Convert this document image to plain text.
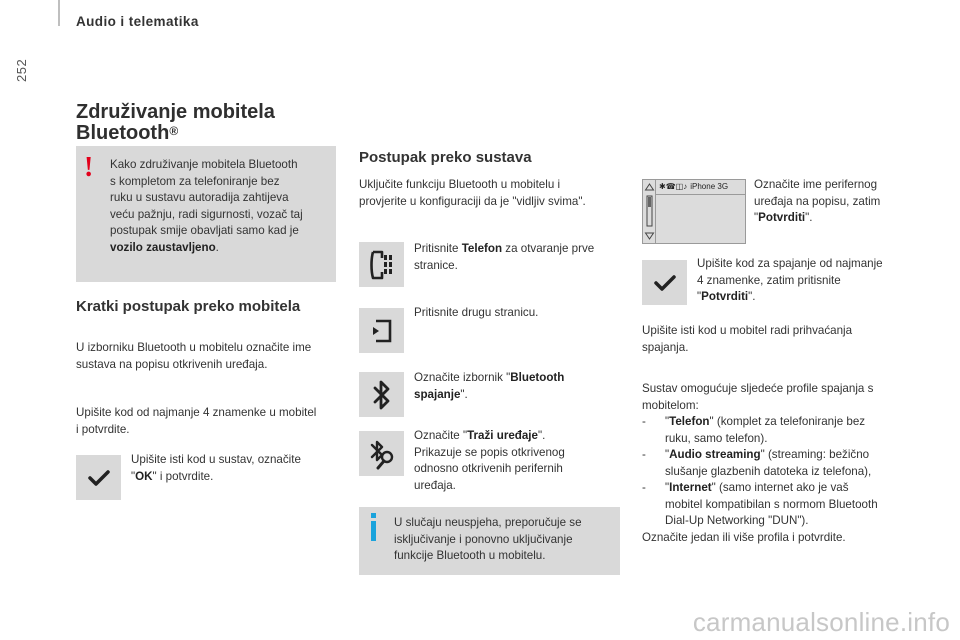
252
Audio i telematika
Združivanje mobitela Bluetooth®
!	Kako združivanje mobitela Bluetooth

s kompletom za telefoniranje bez

ruku u sustavu autoradija zahtijeva

veću pažnju, radi sigurnosti, vozač taj

postupak smije obavljati samo kad je

vozilo zaustavljeno.

Kratki postupak preko mobitela

U izborniku Bluetooth u mobitelu označite ime

sustava na popisu otkrivenih uređaja.

Upišite kod od najmanje 4 znamenke u mobitel

i potvrdite.

Upišite isti kod u sustav, označite

"OK" i potvrdite.

Postupak preko sustava

Uključite funkciju Bluetooth u mobitelu i

provjerite u konfiguraciji da je "vidljiv svima".

Pritisnite Telefon za otvaranje prve

stranice.

Pritisnite drugu stranicu.

Označite izbornik "Bluetooth

spajanje".

Označite "Traži uređaje".

Prikazuje se popis otkrivenog

odnosno otkrivenih perifernih

uređaja.

U slučaju neuspjeha, preporučuje se

isključivanje i ponovno uključivanje

funkcije Bluetooth u mobitelu.

✱☎◫♪ iPhone 3G Označite ime perifernog

uređaja na popisu, zatim

"Potvrditi".

Upišite kod za spajanje od najmanje

4 znamenke, zatim pritisnite

"Potvrditi".

Upišite isti kod u mobitel radi prihvaćanja

spajanja.

Sustav omogućuje sljedeće profile spajanja s

mobitelom:

-	"Telefon" (komplet za telefoniranje bez

ruku, samo telefon).

-	"Audio streaming" (streaming: bežično

slušanje glazbenih datoteka iz telefona),

-	"Internet" (samo internet ako je vaš

mobitel kompatibilan s normom Bluetooth

Dial-Up Networking "DUN").

Označite jedan ili više profila i potvrdite.

carmanualsonline.info
